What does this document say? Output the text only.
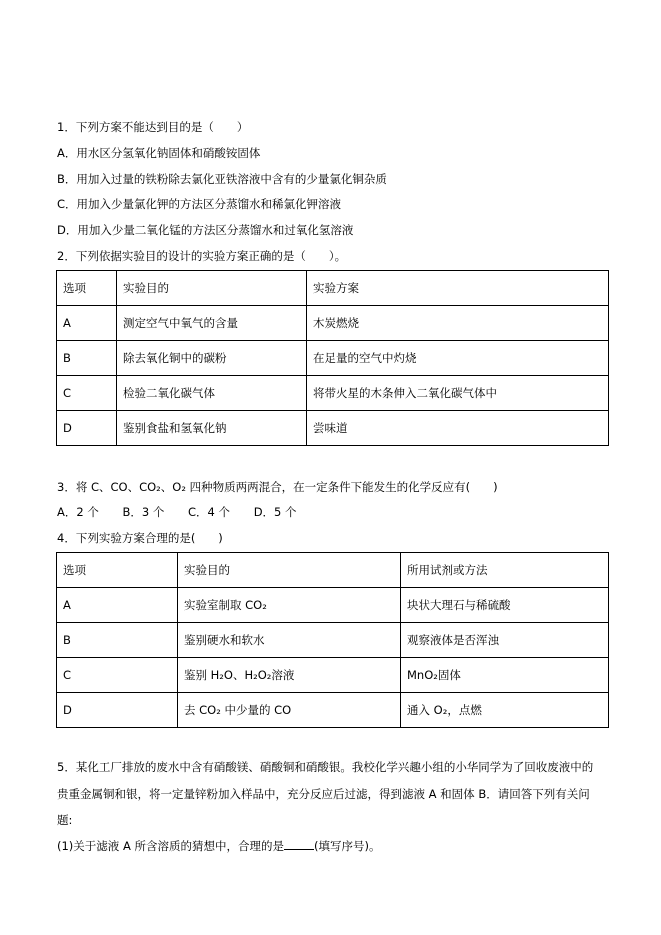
1．下列方案不能达到目的是（　　）
A．用水区分氢氧化钠固体和硝酸铵固体
B．用加入过量的铁粉除去氯化亚铁溶液中含有的少量氯化铜杂质
C．用加入少量氯化钾的方法区分蒸馏水和稀氯化钾溶液
D．用加入少量二氧化锰的方法区分蒸馏水和过氧化氢溶液
2．下列依据实验目的设计的实验方案正确的是（　　）。
选项	实验目的	实验方案
A	测定空气中氧气的含量	木炭燃烧
B	除去氧化铜中的碳粉	在足量的空气中灼烧
C	检验二氧化碳气体	将带火星的木条伸入二氧化碳气体中
D	鉴别食盐和氢氧化钠	尝味道
3．将 C、CO、CO₂、O₂ 四种物质两两混合，在一定条件下能发生的化学反应有(　　)
A．2 个 B．3 个 C．4 个 D．5 个
4．下列实验方案合理的是(　　)
选项	实验目的	所用试剂或方法
A	实验室制取 CO₂	块状大理石与稀硫酸
B	鉴别硬水和软水	观察液体是否浑浊
C	鉴别 H₂O、H₂O₂溶液	MnO₂固体
D	去 CO₂ 中少量的 CO	通入 O₂，点燃
5．某化工厂排放的废水中含有硝酸镁、硝酸铜和硝酸银。我校化学兴趣小组的小华同学为了回收废液中的
贵重金属铜和银，将一定量锌粉加入样品中，充分反应后过滤，得到滤液 A 和固体 B．请回答下列有关问
题:
(1)关于滤液 A 所含溶质的猜想中，合理的是	(填写序号)。
